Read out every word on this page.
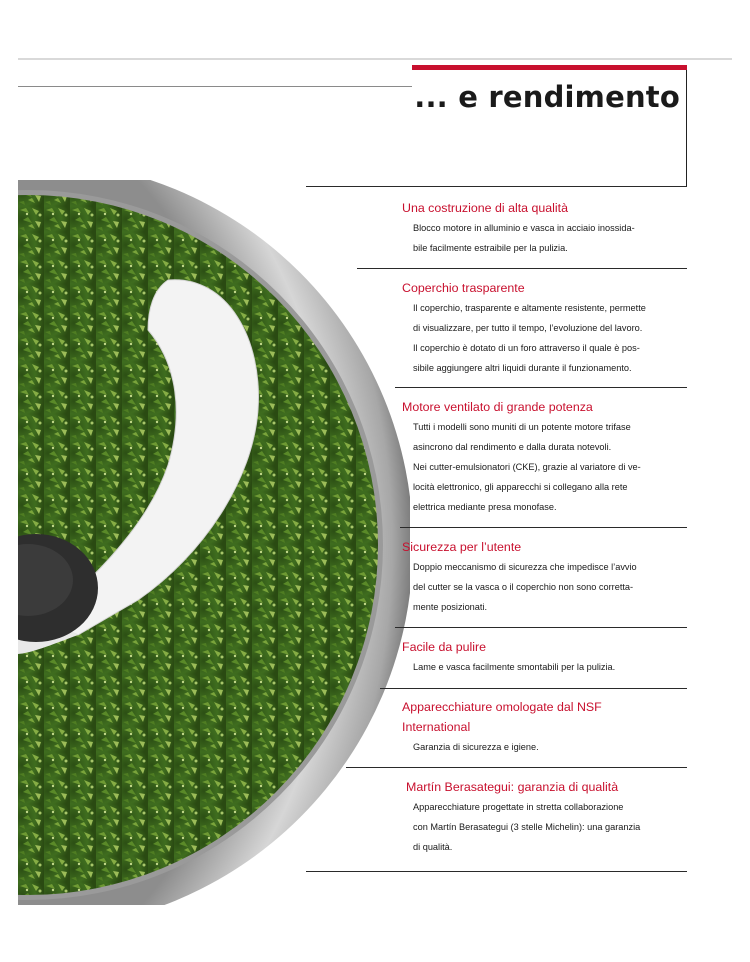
... e rendimento
Una costruzione di alta qualità

Blocco motore in alluminio e vasca in acciaio inossida-

bile facilmente estraibile per la pulizia.

Coperchio trasparente

Il coperchio, trasparente e altamente resistente, permette

di visualizzare, per tutto il tempo, l’evoluzione del lavoro.

Il coperchio è dotato di un foro attraverso il quale è pos-

sibile aggiungere altri liquidi durante il funzionamento.

Motore ventilato di grande potenza

Tutti i modelli sono muniti di un potente motore trifase

asincrono dal rendimento e dalla durata notevoli.

Nei cutter-emulsionatori (CKE), grazie al variatore di ve-

locità elettronico, gli apparecchi si collegano alla rete

elettrica mediante presa monofase.

Sicurezza per l’utente

Doppio meccanismo di sicurezza che impedisce l’avvio

del cutter se la vasca o il coperchio non sono corretta-

mente posizionati.

Facile da pulire

Lame e vasca facilmente smontabili per la pulizia.

Apparecchiature omologate dal NSF
International

Garanzia di sicurezza e igiene.

Martín Berasategui: garanzia di qualità

Apparecchiature progettate in stretta collaborazione

con Martín Berasategui (3 stelle Michelin): una garanzia

di qualità.
